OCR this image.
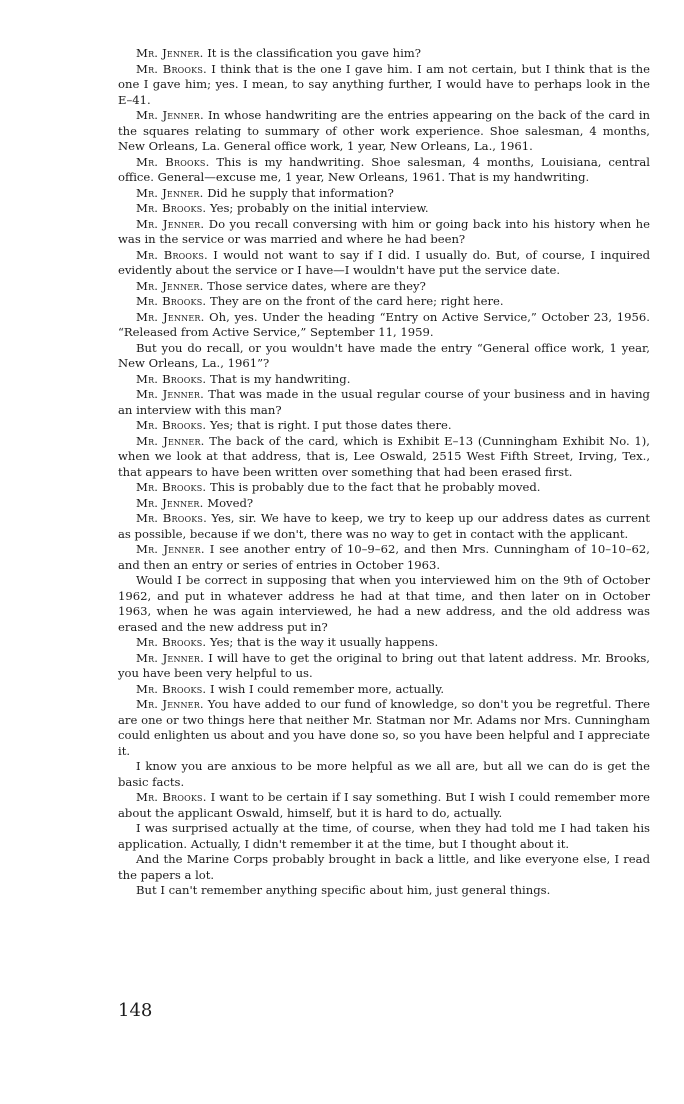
Mr. Jenner. It is the classification you gave him?

Mr. Brooks. I think that is the one I gave him. I am not certain, but I think that is the one I gave him; yes. I mean, to say anything further, I would have to perhaps look in the E–41.

Mr. Jenner. In whose handwriting are the entries appearing on the back of the card in the squares relating to summary of other work experience. Shoe salesman, 4 months, New Orleans, La. General office work, 1 year, New Orleans, La., 1961.

Mr. Brooks. This is my handwriting. Shoe salesman, 4 months, Louisiana, central office. General—excuse me, 1 year, New Orleans, 1961. That is my handwriting.

Mr. Jenner. Did he supply that information?

Mr. Brooks. Yes; probably on the initial interview.

Mr. Jenner. Do you recall conversing with him or going back into his history when he was in the service or was married and where he had been?

Mr. Brooks. I would not want to say if I did. I usually do. But, of course, I inquired evidently about the service or I have—I wouldn't have put the service date.

Mr. Jenner. Those service dates, where are they?

Mr. Brooks. They are on the front of the card here; right here.

Mr. Jenner. Oh, yes. Under the heading “Entry on Active Service,” October 23, 1956. “Released from Active Service,” September 11, 1959.

But you do recall, or you wouldn't have made the entry “General office work, 1 year, New Orleans, La., 1961”?

Mr. Brooks. That is my handwriting.

Mr. Jenner. That was made in the usual regular course of your business and in having an interview with this man?

Mr. Brooks. Yes; that is right. I put those dates there.

Mr. Jenner. The back of the card, which is Exhibit E–13 (Cunningham Exhibit No. 1), when we look at that address, that is, Lee Oswald, 2515 West Fifth Street, Irving, Tex., that appears to have been written over something that had been erased first.

Mr. Brooks. This is probably due to the fact that he probably moved.

Mr. Jenner. Moved?

Mr. Brooks. Yes, sir. We have to keep, we try to keep up our address dates as current as possible, because if we don't, there was no way to get in contact with the applicant.

Mr. Jenner. I see another entry of 10–9–62, and then Mrs. Cunningham of 10–10–62, and then an entry or series of entries in October 1963.

Would I be correct in supposing that when you interviewed him on the 9th of October 1962, and put in whatever address he had at that time, and then later on in October 1963, when he was again interviewed, he had a new address, and the old address was erased and the new address put in?

Mr. Brooks. Yes; that is the way it usually happens.

Mr. Jenner. I will have to get the original to bring out that latent address. Mr. Brooks, you have been very helpful to us.

Mr. Brooks. I wish I could remember more, actually.

Mr. Jenner. You have added to our fund of knowledge, so don't you be regretful. There are one or two things here that neither Mr. Statman nor Mr. Adams nor Mrs. Cunningham could enlighten us about and you have done so, so you have been helpful and I appreciate it.

I know you are anxious to be more helpful as we all are, but all we can do is get the basic facts.

Mr. Brooks. I want to be certain if I say something. But I wish I could remember more about the applicant Oswald, himself, but it is hard to do, actually.

I was surprised actually at the time, of course, when they had told me I had taken his application. Actually, I didn't remember it at the time, but I thought about it.

And the Marine Corps probably brought in back a little, and like everyone else, I read the papers a lot.

But I can't remember anything specific about him, just general things.

148
